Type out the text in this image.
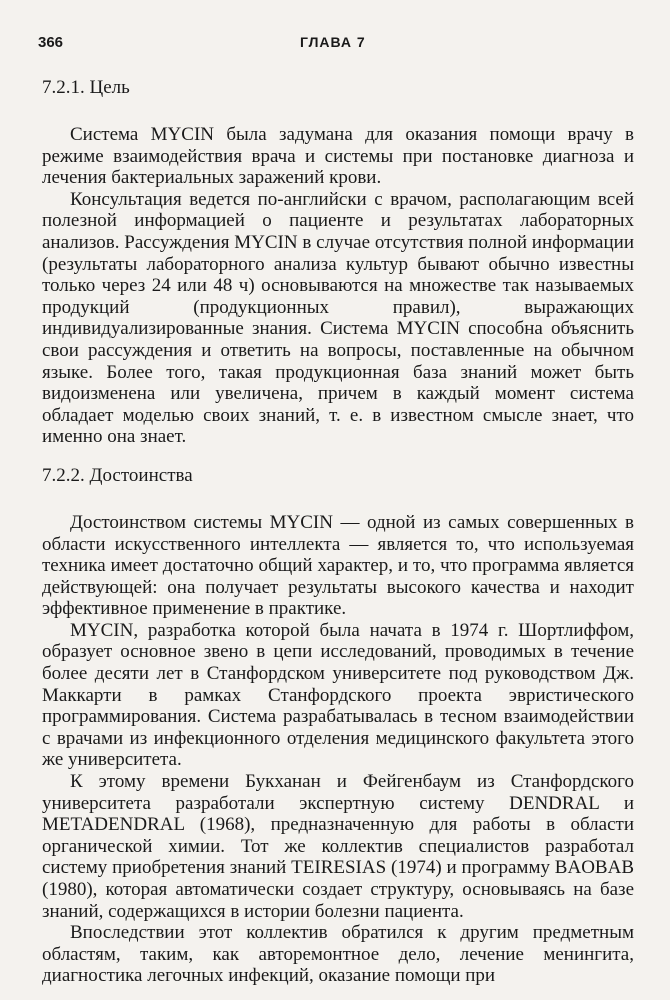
366	ГЛАВА 7
7.2.1. Цель

Система MYCIN была задумана для оказания помощи врачу в режиме взаимодействия врача и системы при постановке диагноза и лечения бактериальных заражений крови.

Консультация ведется по-английски с врачом, располагающим всей полезной информацией о пациенте и результатах лабораторных анализов. Рассуждения MYCIN в случае отсутствия полной информации (результаты лабораторного анализа культур бывают обычно известны только через 24 или 48 ч) основываются на множестве так называемых продукций (продукционных правил), выражающих индивидуализированные знания. Система MYCIN способна объяснить свои рассуждения и ответить на вопросы, поставленные на обычном языке. Более того, такая продукционная база знаний может быть видоизменена или увеличена, причем в каждый момент система обладает моделью своих знаний, т. е. в известном смысле знает, что именно она знает.

7.2.2. Достоинства

Достоинством системы MYCIN — одной из самых совершенных в области искусственного интеллекта — является то, что используемая техника имеет достаточно общий характер, и то, что программа является действующей: она получает результаты высокого качества и находит эффективное применение в практике.

MYCIN, разработка которой была начата в 1974 г. Шортлиффом, образует основное звено в цепи исследований, проводимых в течение более десяти лет в Станфордском университете под руководством Дж. Маккарти в рамках Станфордского проекта эвристического программирования. Система разрабатывалась в тесном взаимодействии с врачами из инфекционного отделения медицинского факультета этого же университета.

К этому времени Букханан и Фейгенбаум из Станфордского университета разработали экспертную систему DENDRAL и METADENDRAL (1968), предназначенную для работы в области органической химии. Тот же коллектив специалистов разработал систему приобретения знаний TEIRESIAS (1974) и программу BAOBAB (1980), которая автоматически создает структуру, основываясь на базе знаний, содержащихся в истории болезни пациента.

Впоследствии этот коллектив обратился к другим предметным областям, таким, как авторемонтное дело, лечение менингита, диагностика легочных инфекций, оказание помощи при
